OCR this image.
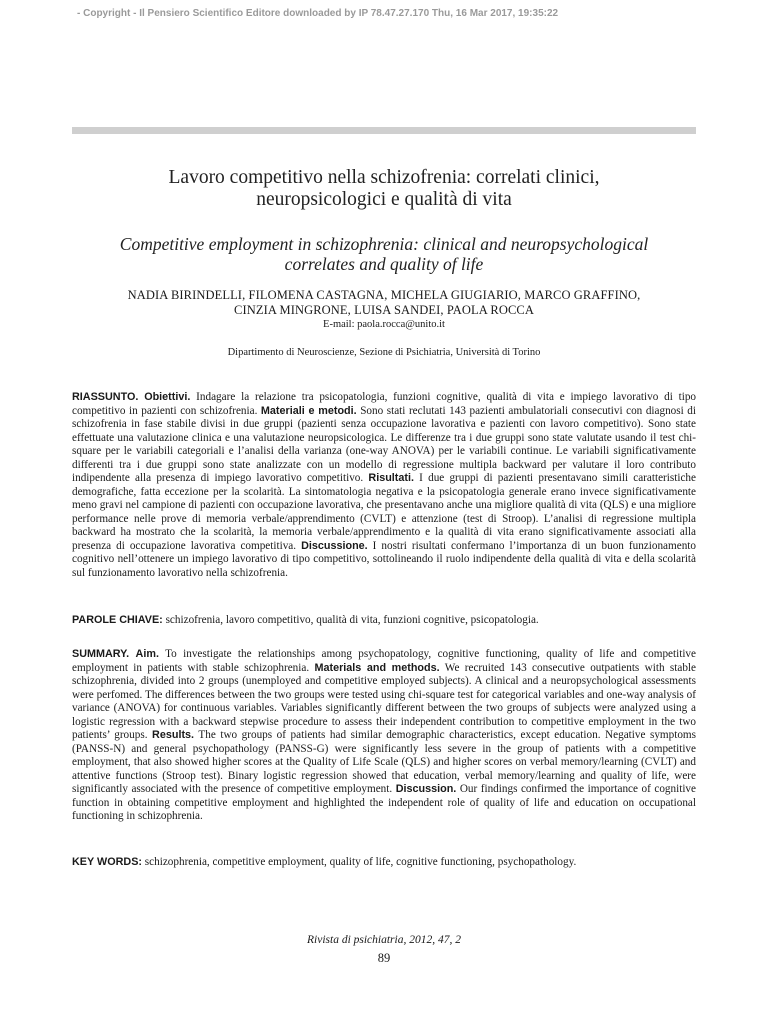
- Copyright - Il Pensiero Scientifico Editore downloaded by IP 78.47.27.170 Thu, 16 Mar 2017, 19:35:22
Lavoro competitivo nella schizofrenia: correlati clinici,
neuropsicologici e qualità di vita
Competitive employment in schizophrenia: clinical and neuropsychological
correlates and quality of life
NADIA BIRINDELLI, FILOMENA CASTAGNA, MICHELA GIUGIARIO, MARCO GRAFFINO,
CINZIA MINGRONE, LUISA SANDEI, PAOLA ROCCA
E-mail: paola.rocca@unito.it
Dipartimento di Neuroscienze, Sezione di Psichiatria, Università di Torino
RIASSUNTO. Obiettivi. Indagare la relazione tra psicopatologia, funzioni cognitive, qualità di vita e impiego lavorativo di tipo competitivo in pazienti con schizofrenia. Materiali e metodi. Sono stati reclutati 143 pazienti ambulatoriali consecutivi con diagnosi di schizofrenia in fase stabile divisi in due gruppi (pazienti senza occupazione lavorativa e pazienti con lavoro competitivo). Sono state effettuate una valutazione clinica e una valutazione neuropsicologica. Le differenze tra i due gruppi sono state valutate usando il test chi-square per le variabili categoriali e l’analisi della varianza (one-way ANOVA) per le variabili continue. Le variabili significativamente differenti tra i due gruppi sono state analizzate con un modello di regressione multipla backward per valutare il loro contributo indipendente alla presenza di impiego lavorativo competitivo. Risultati. I due gruppi di pazienti presentavano simili caratteristiche demografiche, fatta eccezione per la scolarità. La sintomatologia negativa e la psicopatologia generale erano invece significativamente meno gravi nel campione di pazienti con occupazione lavorativa, che presentavano anche una migliore qualità di vita (QLS) e una migliore performance nelle prove di memoria verbale/apprendimento (CVLT) e attenzione (test di Stroop). L’analisi di regressione multipla backward ha mostrato che la scolarità, la memoria verbale/apprendimento e la qualità di vita erano significativamente associati alla presenza di occupazione lavorativa competitiva. Discussione. I nostri risultati confermano l’importanza di un buon funzionamento cognitivo nell’ottenere un impiego lavorativo di tipo competitivo, sottolineando il ruolo indipendente della qualità di vita e della scolarità sul funzionamento lavorativo nella schizofrenia.
PAROLE CHIAVE: schizofrenia, lavoro competitivo, qualità di vita, funzioni cognitive, psicopatologia.
SUMMARY. Aim. To investigate the relationships among psychopatology, cognitive functioning, quality of life and competitive employment in patients with stable schizophrenia. Materials and methods. We recruited 143 consecutive outpatients with stable schizophrenia, divided into 2 groups (unemployed and competitive employed subjects). A clinical and a neuropsychological assessments were perfomed. The differences between the two groups were tested using chi-square test for categorical variables and one-way analysis of variance (ANOVA) for continuous variables. Variables significantly different between the two groups of subjects were analyzed using a logistic regression with a backward stepwise procedure to assess their independent contribution to competitive employment in the two patients’ groups. Results. The two groups of patients had similar demographic characteristics, except education. Negative symptoms (PANSS-N) and general psychopathology (PANSS-G) were significantly less severe in the group of patients with a competitive employment, that also showed higher scores at the Quality of Life Scale (QLS) and higher scores on verbal memory/learning (CVLT) and attentive functions (Stroop test). Binary logistic regression showed that education, verbal memory/learning and quality of life, were significantly associated with the presence of competitive employment. Discussion. Our findings confirmed the importance of cognitive function in obtaining competitive employment and highlighted the independent role of quality of life and education on occupational functioning in schizophrenia.
KEY WORDS: schizophrenia, competitive employment, quality of life, cognitive functioning, psychopathology.
Rivista di psichiatria, 2012, 47, 2
89
